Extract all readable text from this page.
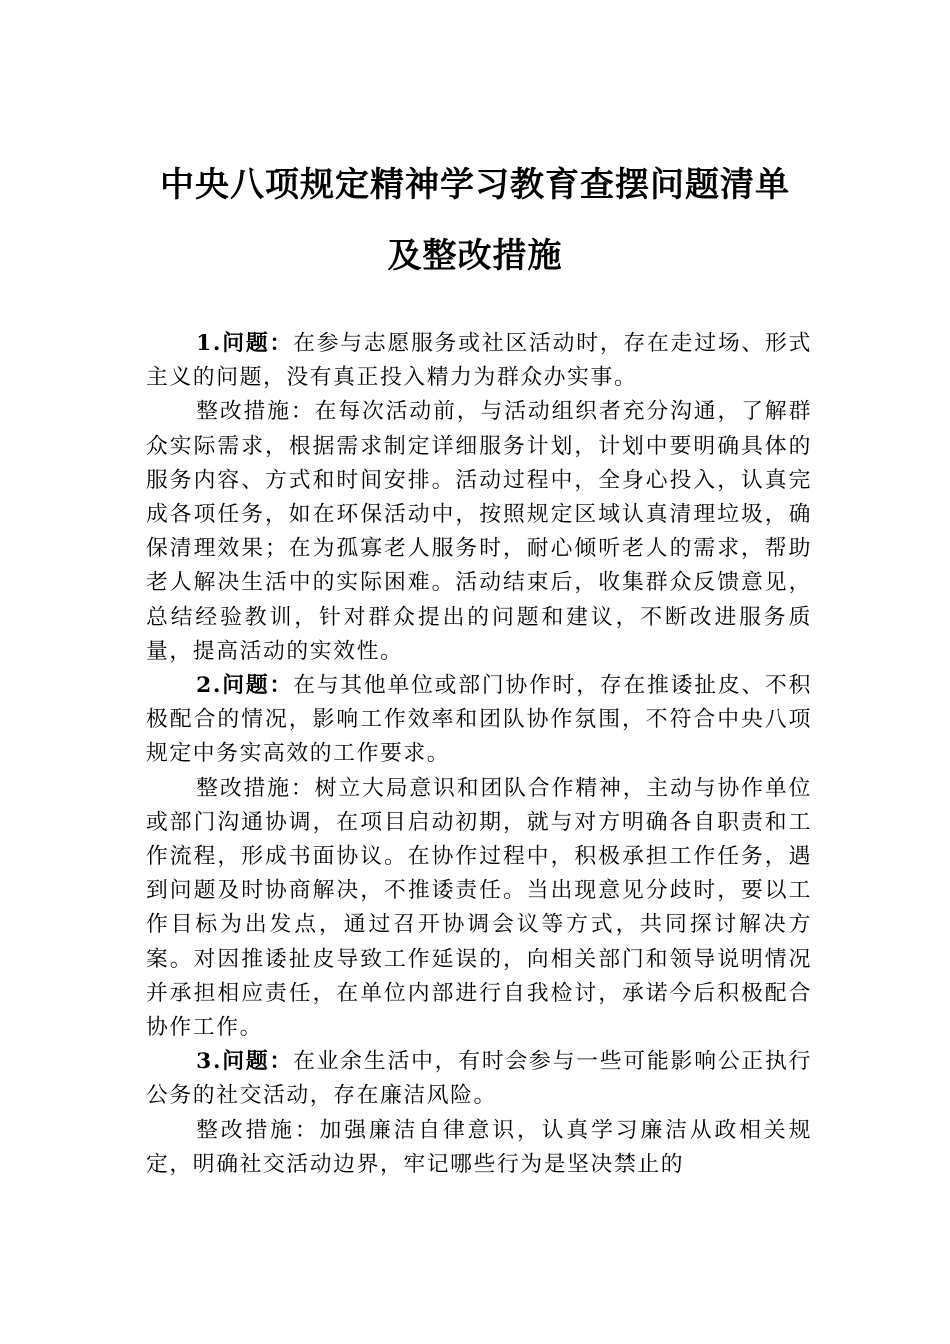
中央八项规定精神学习教育查摆问题清单
及整改措施

1.问题：在参与志愿服务或社区活动时，存在走过场、形式主义的问题，没有真正投入精力为群众办实事。

整改措施：在每次活动前，与活动组织者充分沟通，了解群众实际需求，根据需求制定详细服务计划，计划中要明确具体的服务内容、方式和时间安排。活动过程中，全身心投入，认真完成各项任务，如在环保活动中，按照规定区域认真清理垃圾，确保清理效果；在为孤寡老人服务时，耐心倾听老人的需求，帮助老人解决生活中的实际困难。活动结束后，收集群众反馈意见，总结经验教训，针对群众提出的问题和建议，不断改进服务质量，提高活动的实效性。

2.问题：在与其他单位或部门协作时，存在推诿扯皮、不积极配合的情况，影响工作效率和团队协作氛围，不符合中央八项规定中务实高效的工作要求。

整改措施：树立大局意识和团队合作精神，主动与协作单位或部门沟通协调，在项目启动初期，就与对方明确各自职责和工作流程，形成书面协议。在协作过程中，积极承担工作任务，遇到问题及时协商解决，不推诿责任。当出现意见分歧时，要以工作目标为出发点，通过召开协调会议等方式，共同探讨解决方案。对因推诿扯皮导致工作延误的，向相关部门和领导说明情况并承担相应责任，在单位内部进行自我检讨，承诺今后积极配合协作工作。

3.问题：在业余生活中，有时会参与一些可能影响公正执行公务的社交活动，存在廉洁风险。

整改措施：加强廉洁自律意识，认真学习廉洁从政相关规定，明确社交活动边界，牢记哪些行为是坚决禁止的
